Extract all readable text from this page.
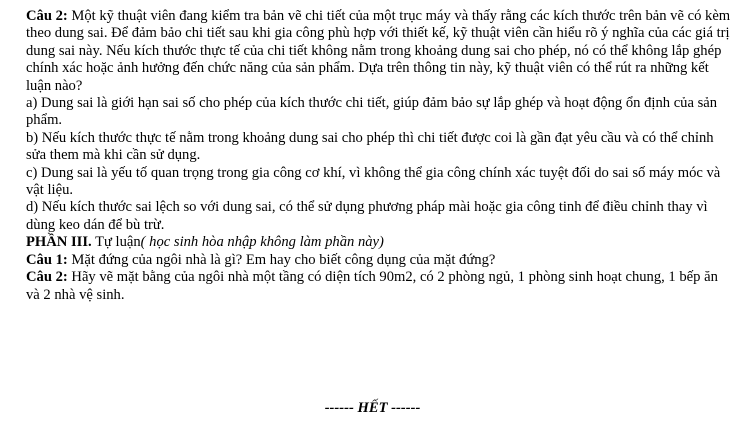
Câu 2: Một kỹ thuật viên đang kiểm tra bản vẽ chi tiết của một trục máy và thấy rằng các kích thước trên bản vẽ có kèm theo dung sai. Để đảm bảo chi tiết sau khi gia công phù hợp với thiết kế, kỹ thuật viên cần hiểu rõ ý nghĩa của các giá trị dung sai này. Nếu kích thước thực tế của chi tiết không nằm trong khoảng dung sai cho phép, nó có thể không lắp ghép chính xác hoặc ảnh hưởng đến chức năng của sản phẩm. Dựa trên thông tin này, kỹ thuật viên có thể rút ra những kết luận nào?

a) Dung sai là giới hạn sai số cho phép của kích thước chi tiết, giúp đảm bảo sự lắp ghép và hoạt động ổn định của sản phẩm.

b) Nếu kích thước thực tế nằm trong khoảng dung sai cho phép thì chi tiết được coi là gần đạt yêu cầu và có thể chỉnh sửa them mà khi cần sử dụng.

c) Dung sai là yếu tố quan trọng trong gia công cơ khí, vì không thể gia công chính xác tuyệt đối do sai số máy móc và vật liệu.

d) Nếu kích thước sai lệch so với dung sai, có thể sử dụng phương pháp mài hoặc gia công tinh để điều chỉnh thay vì dùng keo dán để bù trừ.

PHẦN III. Tự luận( học sinh hòa nhập không làm phần này)

Câu 1: Mặt đứng của ngôi nhà là gì? Em hay cho biết công dụng của mặt đứng?

Câu 2: Hãy vẽ mặt bằng của ngôi nhà một tầng có diện tích 90m2, có 2 phòng ngủ, 1 phòng sinh hoạt chung, 1 bếp ăn và 2 nhà vệ sinh.

------ HẾT ------
